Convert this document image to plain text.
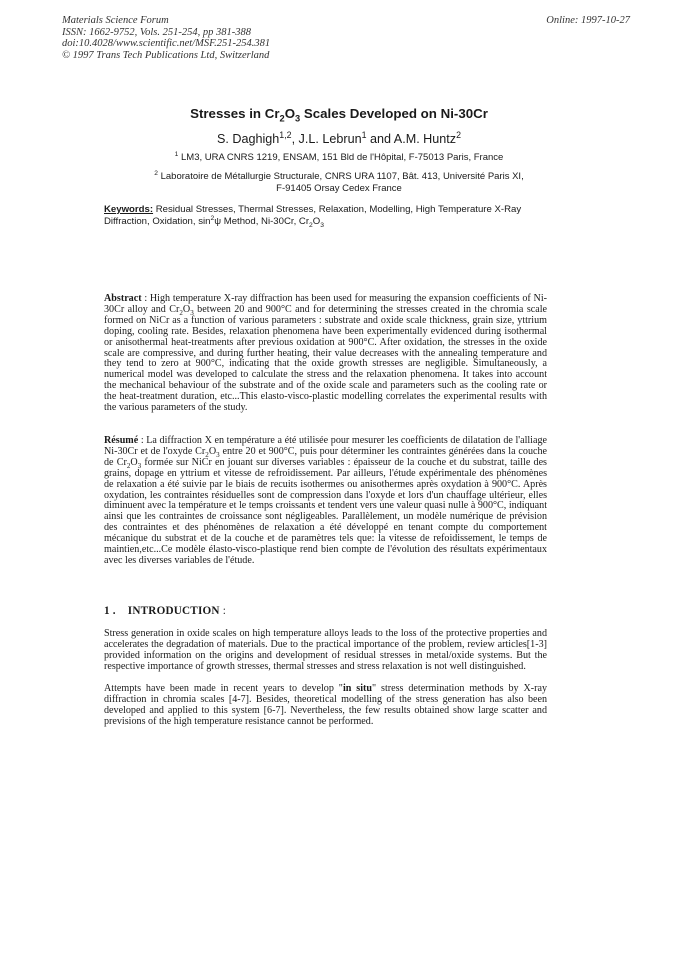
Materials Science Forum
ISSN: 1662-9752, Vols. 251-254, pp 381-388
doi:10.4028/www.scientific.net/MSF.251-254.381
© 1997 Trans Tech Publications Ltd, Switzerland
Online: 1997-10-27
Stresses in $Cr_2O_3$ Scales Developed on Ni-30Cr
S. Daghigh$^{1,2}$, J.L. Lebrun$^1$ and A.M. Huntz$^2$
$^1$ LM3, URA CNRS 1219, ENSAM, 151 Bld de l'Hôpital, F-75013 Paris, France
$^2$ Laboratoire de Métallurgie Structurale, CNRS URA 1107, Bât. 413, Université Paris XI,
F-91405 Orsay Cedex France
Keywords: Residual Stresses, Thermal Stresses, Relaxation, Modelling, High Temperature X-Ray Diffraction, Oxidation, $\sin^2\psi$ Method, Ni-30Cr, $Cr_2O_3$
Abstract : High temperature X-ray diffraction has been used for measuring the expansion coefficients of Ni-30Cr alloy and $Cr_2O_3$ between 20 and 900°C and for determining the stresses created in the chromia scale formed on NiCr as a function of various parameters : substrate and oxide scale thickness, grain size, yttrium doping, cooling rate. Besides, relaxation phenomena have been experimentally evidenced during isothermal or anisothermal heat-treatments after previous oxidation at 900°C. After oxidation, the stresses in the oxide scale are compressive, and during further heating, their value decreases with the annealing temperature and they tend to zero at 900°C, indicating that the oxide growth stresses are negligible. Simultaneously, a numerical model was developed to calculate the stress and the relaxation phenomena. It takes into account the mechanical behaviour of the substrate and of the oxide scale and parameters such as the cooling rate or the heat-treatment duration, etc...This elasto-visco-plastic modelling correlates the experimental results with the various parameters of the study.
Résumé : La diffraction X en température a été utilisée pour mesurer les coefficients de dilatation de l'alliage Ni-30Cr et de l'oxyde $Cr_2O_3$ entre 20 et 900°C, puis pour déterminer les contraintes générées dans la couche de $Cr_2O_3$ formée sur NiCr en jouant sur diverses variables : épaisseur de la couche et du substrat, taille des grains, dopage en yttrium et vitesse de refroidissement. Par ailleurs, l'étude expérimentale des phénomènes de relaxation a été suivie par le biais de recuits isothermes ou anisothermes après oxydation à 900°C. Après oxydation, les contraintes résiduelles sont de compression dans l'oxyde et lors d'un chauffage ultérieur, elles diminuent avec la température et le temps croissants et tendent vers une valeur quasi nulle à 900°C, indiquant ainsi que les contraintes de croissance sont négligeables. Parallèlement, un modèle numérique de prévision des contraintes et des phénomènes de relaxation a été développé en tenant compte du comportement mécanique du substrat et de la couche et de paramètres tels que: la vitesse de refoidissement, le temps de maintien,etc...Ce modèle élasto-visco-plastique rend bien compte de l'évolution des résultats expérimentaux avec les diverses variables de l'étude.
1 . INTRODUCTION :
Stress generation in oxide scales on high temperature alloys leads to the loss of the protective properties and accelerates the degradation of materials. Due to the practical importance of the problem, review articles[1-3] provided information on the origins and development of residual stresses in metal/oxide systems. But the respective importance of growth stresses, thermal stresses and stress relaxation is not well distinguished.
Attempts have been made in recent years to develop "in situ" stress determination methods by X-ray diffraction in chromia scales [4-7]. Besides, theoretical modelling of the stress generation has also been developed and applied to this system [6-7]. Nevertheless, the few results obtained show large scatter and previsions of the high temperature resistance cannot be performed.
